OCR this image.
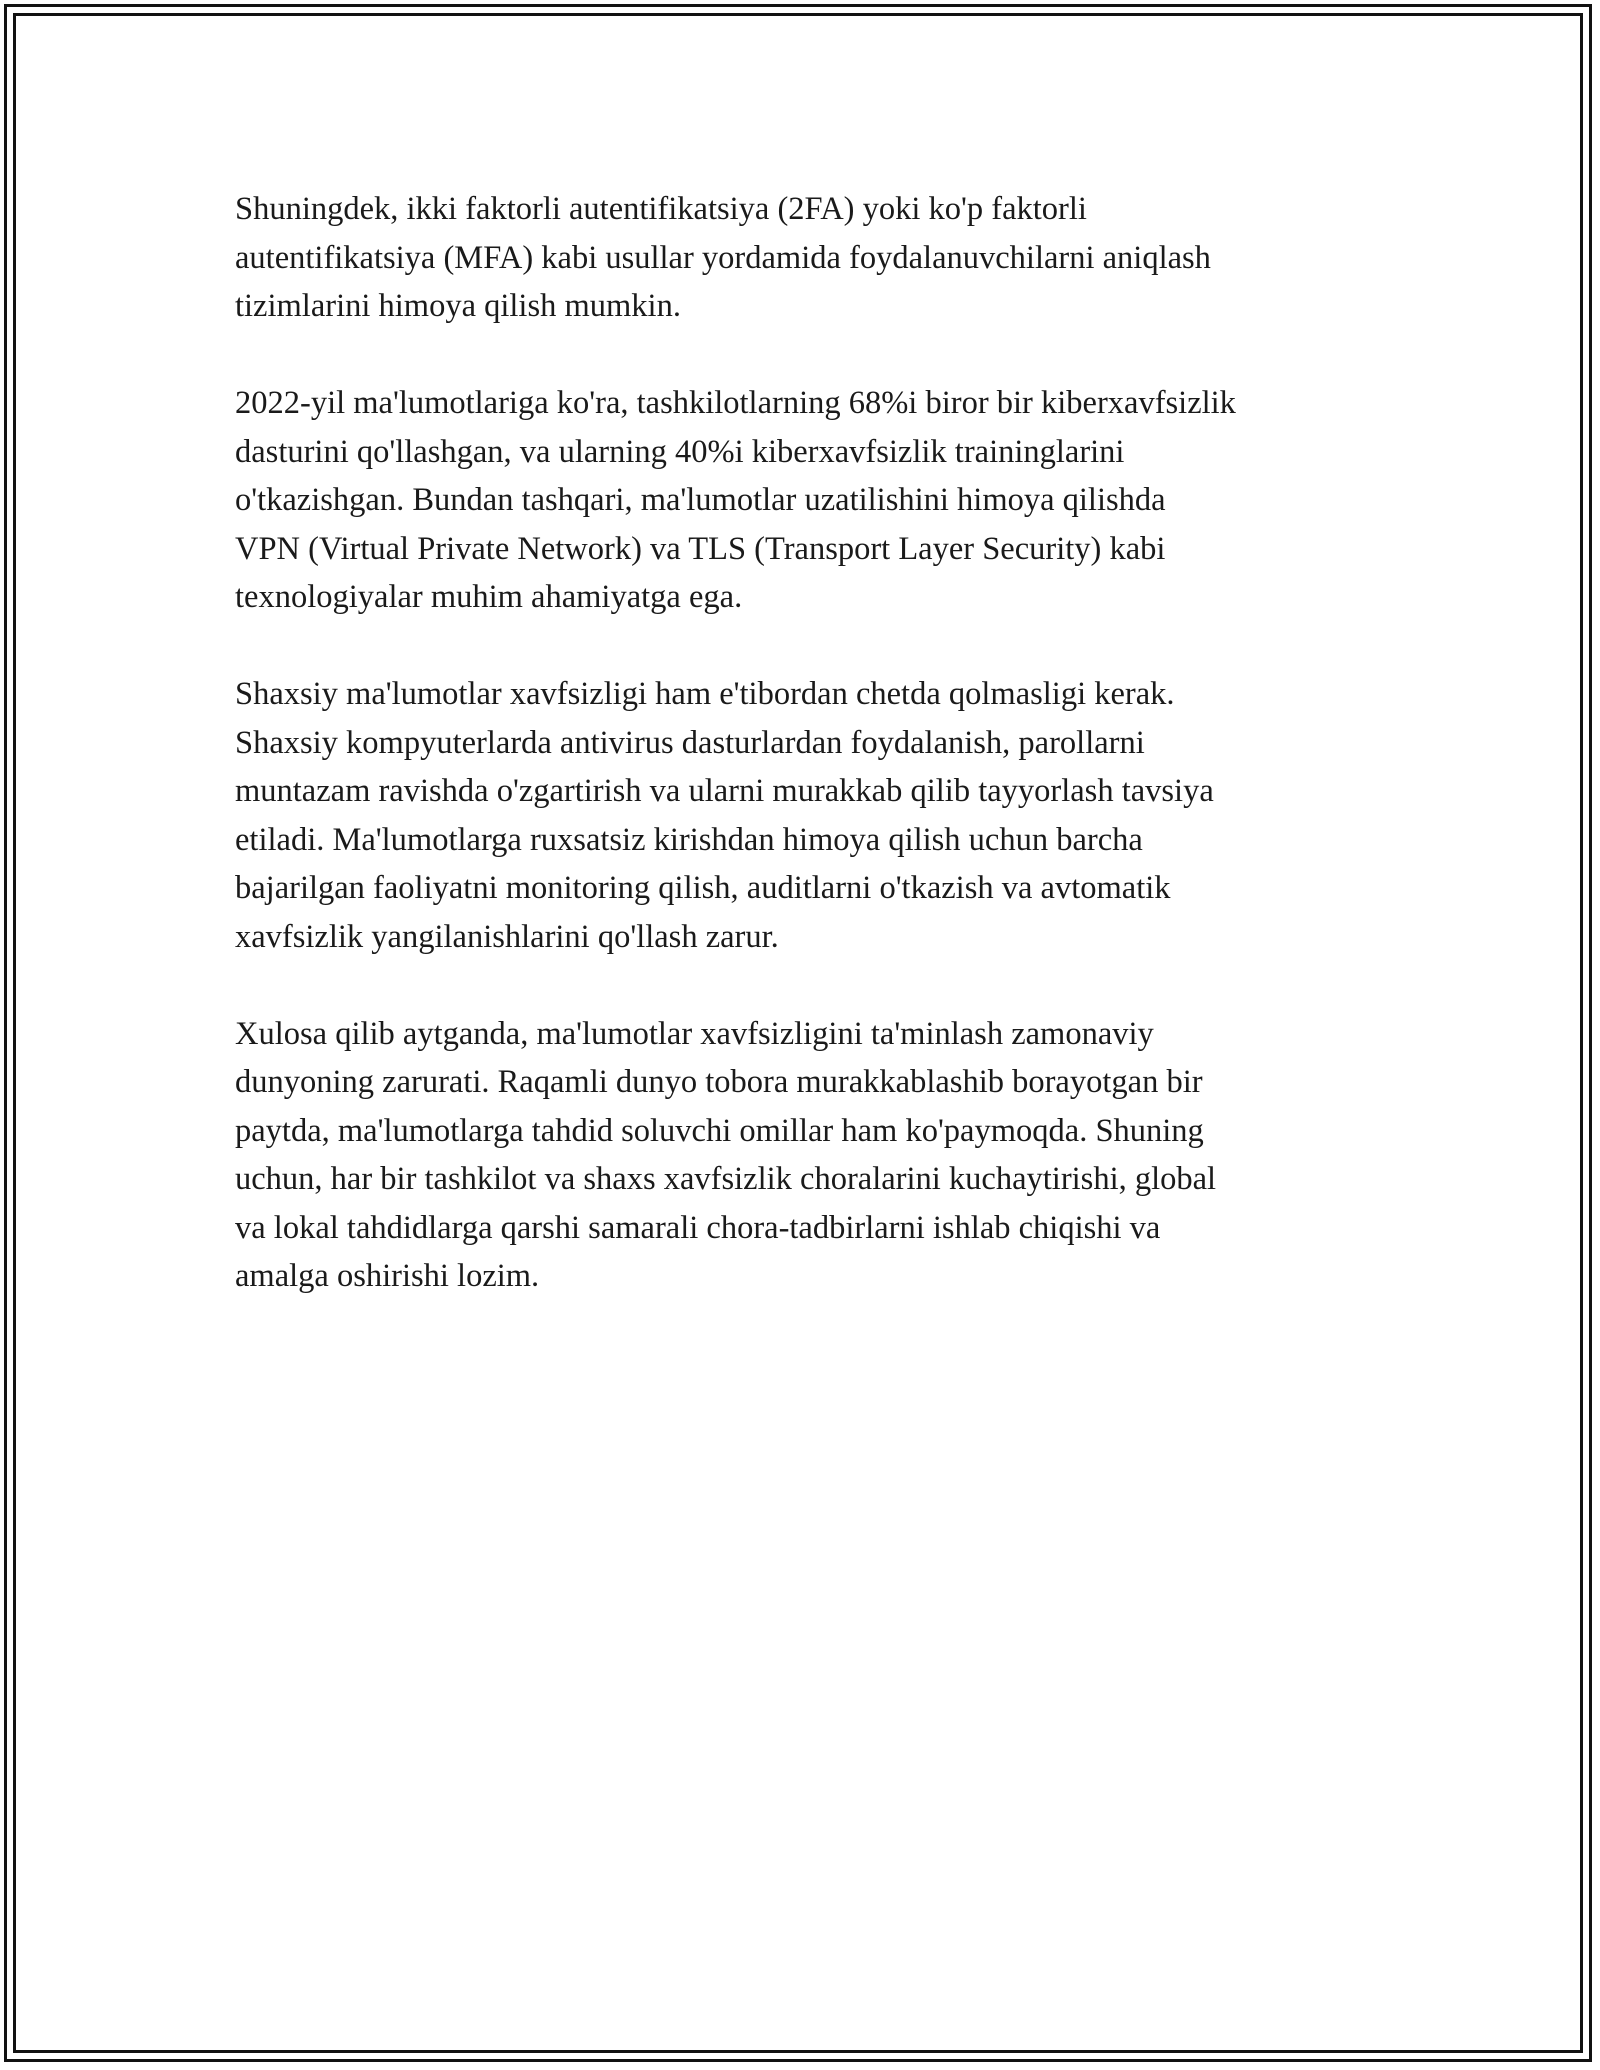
Shuningdek, ikki faktorli autentifikatsiya (2FA) yoki ko'p faktorli
autentifikatsiya (MFA) kabi usullar yordamida foydalanuvchilarni aniqlash
tizimlarini himoya qilish mumkin.

2022-yil ma'lumotlariga ko'ra, tashkilotlarning 68%i biror bir kiberxavfsizlik
dasturini qo'llashgan, va ularning 40%i kiberxavfsizlik traininglarini
o'tkazishgan. Bundan tashqari, ma'lumotlar uzatilishini himoya qilishda
VPN (Virtual Private Network) va TLS (Transport Layer Security) kabi
texnologiyalar muhim ahamiyatga ega.

Shaxsiy ma'lumotlar xavfsizligi ham e'tibordan chetda qolmasligi kerak.
Shaxsiy kompyuterlarda antivirus dasturlardan foydalanish, parollarni
muntazam ravishda o'zgartirish va ularni murakkab qilib tayyorlash tavsiya
etiladi. Ma'lumotlarga ruxsatsiz kirishdan himoya qilish uchun barcha
bajarilgan faoliyatni monitoring qilish, auditlarni o'tkazish va avtomatik
xavfsizlik yangilanishlarini qo'llash zarur.

Xulosa qilib aytganda, ma'lumotlar xavfsizligini ta'minlash zamonaviy
dunyoning zarurati. Raqamli dunyo tobora murakkablashib borayotgan bir
paytda, ma'lumotlarga tahdid soluvchi omillar ham ko'paymoqda. Shuning
uchun, har bir tashkilot va shaxs xavfsizlik choralarini kuchaytirishi, global
va lokal tahdidlarga qarshi samarali chora-tadbirlarni ishlab chiqishi va
amalga oshirishi lozim.
